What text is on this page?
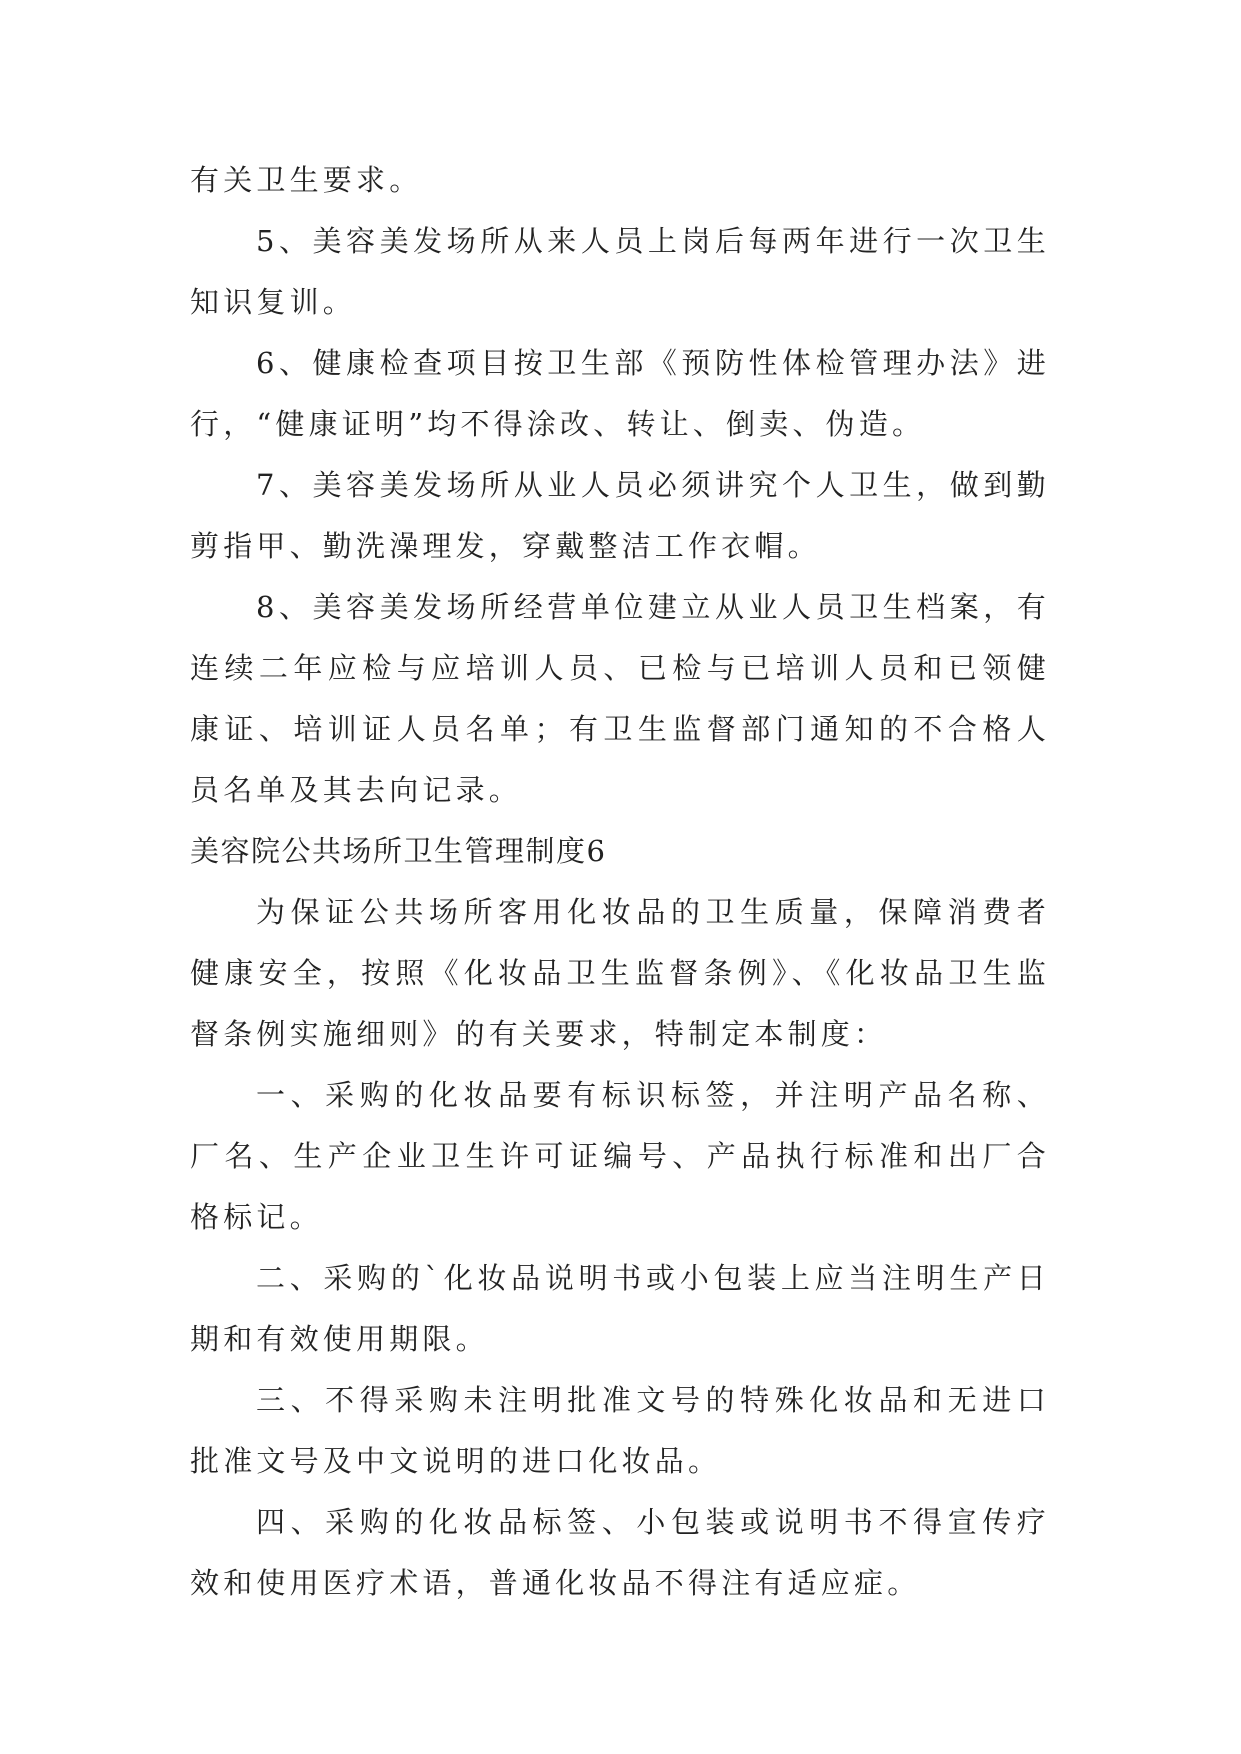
有关卫生要求。

5、美容美发场所从来人员上岗后每两年进行一次卫生知识复训。

6、健康检查项目按卫生部《预防性体检管理办法》进行，“健康证明”均不得涂改、转让、倒卖、伪造。

7、美容美发场所从业人员必须讲究个人卫生，做到勤剪指甲、勤洗澡理发，穿戴整洁工作衣帽。

8、美容美发场所经营单位建立从业人员卫生档案，有连续二年应检与应培训人员、已检与已培训人员和已领健康证、培训证人员名单；有卫生监督部门通知的不合格人员名单及其去向记录。

美容院公共场所卫生管理制度6

为保证公共场所客用化妆品的卫生质量，保障消费者健康安全，按照《化妆品卫生监督条例》、《化妆品卫生监督条例实施细则》的有关要求，特制定本制度：

一、采购的化妆品要有标识标签，并注明产品名称、厂名、生产企业卫生许可证编号、产品执行标准和出厂合格标记。

二、采购的`化妆品说明书或小包装上应当注明生产日期和有效使用期限。

三、不得采购未注明批准文号的特殊化妆品和无进口批准文号及中文说明的进口化妆品。

四、采购的化妆品标签、小包装或说明书不得宣传疗效和使用医疗术语，普通化妆品不得注有适应症。
